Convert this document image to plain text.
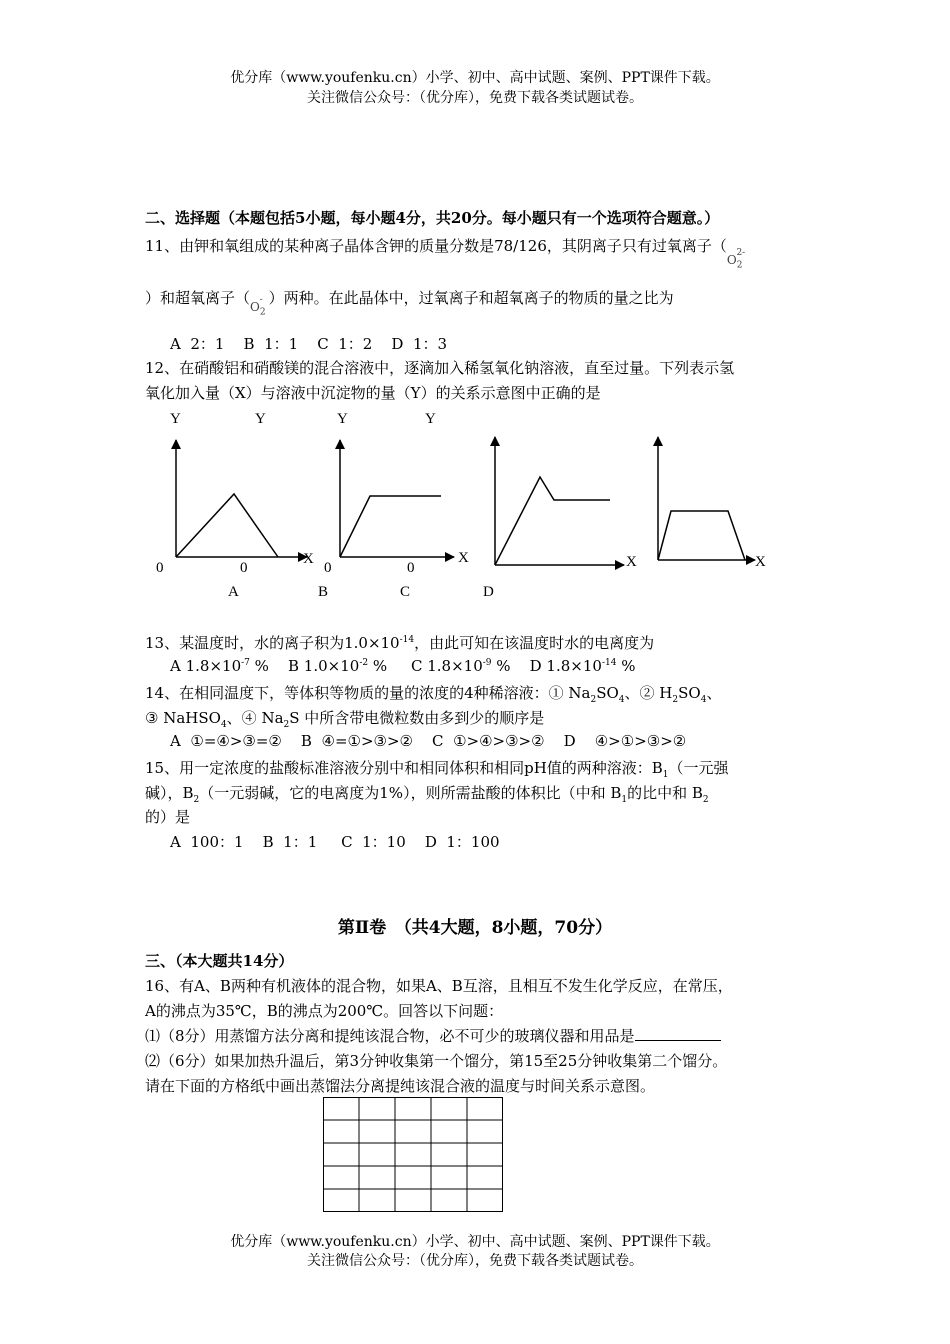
优分库（www.youfenku.cn）小学、初中、高中试题、案例、PPT课件下载。
关注微信公众号：（优分库），免费下载各类试题试卷。
二、选择题（本题包括5小题，每小题4分，共20分。每小题只有一个选项符合题意。）
11、由钾和氧组成的某种离子晶体含钾的质量分数是78/126，其阴离子只有过氧离子（$_{O_2^{2-}}$
）和超氧离子（$_{O_2^-}$ ）两种。在此晶体中，过氧离子和超氧离子的物质的量之比为
A  2：1    B  1：1    C  1：2    D  1：3
12、在硝酸铝和硝酸镁的混合溶液中，逐滴加入稀氢氧化钠溶液，直至过量。下列表示氢
氧化加入量（X）与溶液中沉淀物的量（Y）的关系示意图中正确的是
Y	Y	Y	Y
X	X	X	X
0	0	0	0
A	B	C	D
13、某温度时，水的离子积为$1.0\times 10^{-14}$，由此可知在该温度时水的电离度为
A $1.8\times 10^{-7}$ % B $1.0\times 10^{-2}$ % C $1.8\times 10^{-9}$ % D $1.8\times 10^{-14}$ %
14、在相同温度下，等体积等物质的量的浓度的4种稀溶液：① $Na_2SO_4$、② $H_2SO_4$、
③ NaHSO$_4$、④ $Na_2S$ 中所含带电微粒数由多到少的顺序是
A  ①=④>③=②    B  ④=①>③>②    C  ①>④>③>②    D    ④>①>③>②
15、用一定浓度的盐酸标准溶液分别中和相同体积和相同pH值的两种溶液：$B_1$（一元强
碱），$B_2$（一元弱碱，它的电离度为1%），则所需盐酸的体积比（中和 $B_1$的比中和 $B_2$
的）是
A  100：1    B  1：1     C  1：10    D  1：100
第Ⅱ卷　（共4大题，8小题，70分）
三、（本大题共14分）
16、有A、B两种有机液体的混合物，如果A、B互溶，且相互不发生化学反应，在常压，
A的沸点为35℃，B的沸点为200℃。回答以下问题：
⑴（8分）用蒸馏方法分离和提纯该混合物，必不可少的玻璃仪器和用品是
⑵（6分）如果加热升温后，第3分钟收集第一个馏分，第15至25分钟收集第二个馏分。
请在下面的方格纸中画出蒸馏法分离提纯该混合液的温度与时间关系示意图。
优分库（www.youfenku.cn）小学、初中、高中试题、案例、PPT课件下载。
关注微信公众号：（优分库），免费下载各类试题试卷。
